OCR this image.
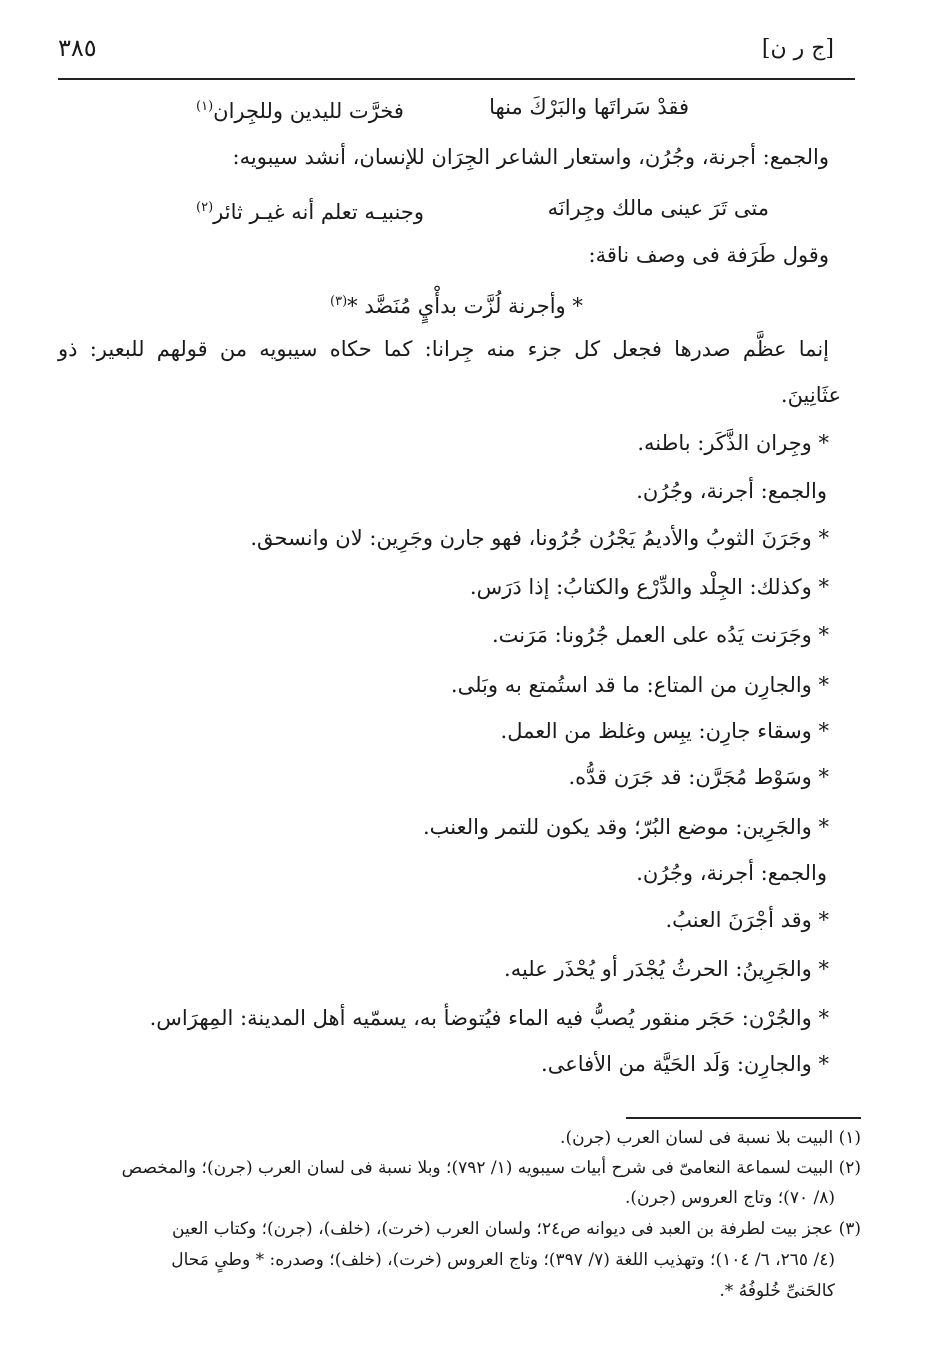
[ج ر ن]
٣٨٥
فقدْ سَراتَها والبَرْكَ منها
فخرَّت لليدين وللجِران$^{(١)}$
والجمع: أجرنة، وجُرُن، واستعار الشاعر الجِرَان للإنسان، أنشد سيبويه:
متى تَرَ عينى مالك وجِرانَه
وجنبيـه تعلم أنه غيـر ثائر$^{(٢)}$
وقول طَرَفة فى وصف ناقة:
* وأجرنة لُزَّت بدأْيٍ مُنَضَّد *$^{(٣)}$
إنما عظَّم صدرها فجعل كل جزء منه جِرانا: كما حكاه سيبويه من قولهم للبعير: ذو
عثَانِينَ.
* وجِران الذَّكَر: باطنه.
والجمع: أجرنة، وجُرُن.
* وجَرَنَ الثوبُ والأديمُ يَجْرُن جُرُونا، فهو جارن وجَرِين: لان وانسحق.
* وكذلك: الجِلْد والدِّرْع والكتابُ: إذا دَرَس.
* وجَرَنت يَدُه على العمل جُرُونا: مَرَنت.
* والجارِن من المتاع: ما قد استُمتع به وبَلى.
* وسقاء جارِن: يبِس وغلظ من العمل.
* وسَوْط مُجَرَّن: قد جَرَن قدُّه.
* والجَرِين: موضع البُرّ؛ وقد يكون للتمر والعنب.
والجمع: أجرنة، وجُرُن.
* وقد أجْرَنَ العنبُ.
* والجَرِينُ: الحرثُ يُجْدَر أو يُحْذَر عليه.
* والجُرْن: حَجَر منقور يُصبُّ فيه الماء فيُتوضأ به، يسمّيه أهل المدينة: المِهرَاس.
* والجارِن: وَلَد الحَيَّة من الأفاعى.
(١) البيت بلا نسبة فى لسان العرب (جرن).
(٢) البيت لسماعة النعامىّ فى شرح أبيات سيبويه (١/ ٧٩٢)؛ وبلا نسبة فى لسان العرب (جرن)؛ والمخصص
(٨/ ٧٠)؛ وتاج العروس (جرن).
(٣) عجز بيت لطرفة بن العبد فى ديوانه ص٢٤؛ ولسان العرب (خرت)، (خلف)، (جرن)؛ وكتاب العين
(٤/ ٢٦٥، ٦/ ١٠٤)؛ وتهذيب اللغة (٧/ ٣٩٧)؛ وتاج العروس (خرت)، (خلف)؛ وصدره: * وطىٍ مَحال
كالحَنىِّ خُلوفُهُ *.
